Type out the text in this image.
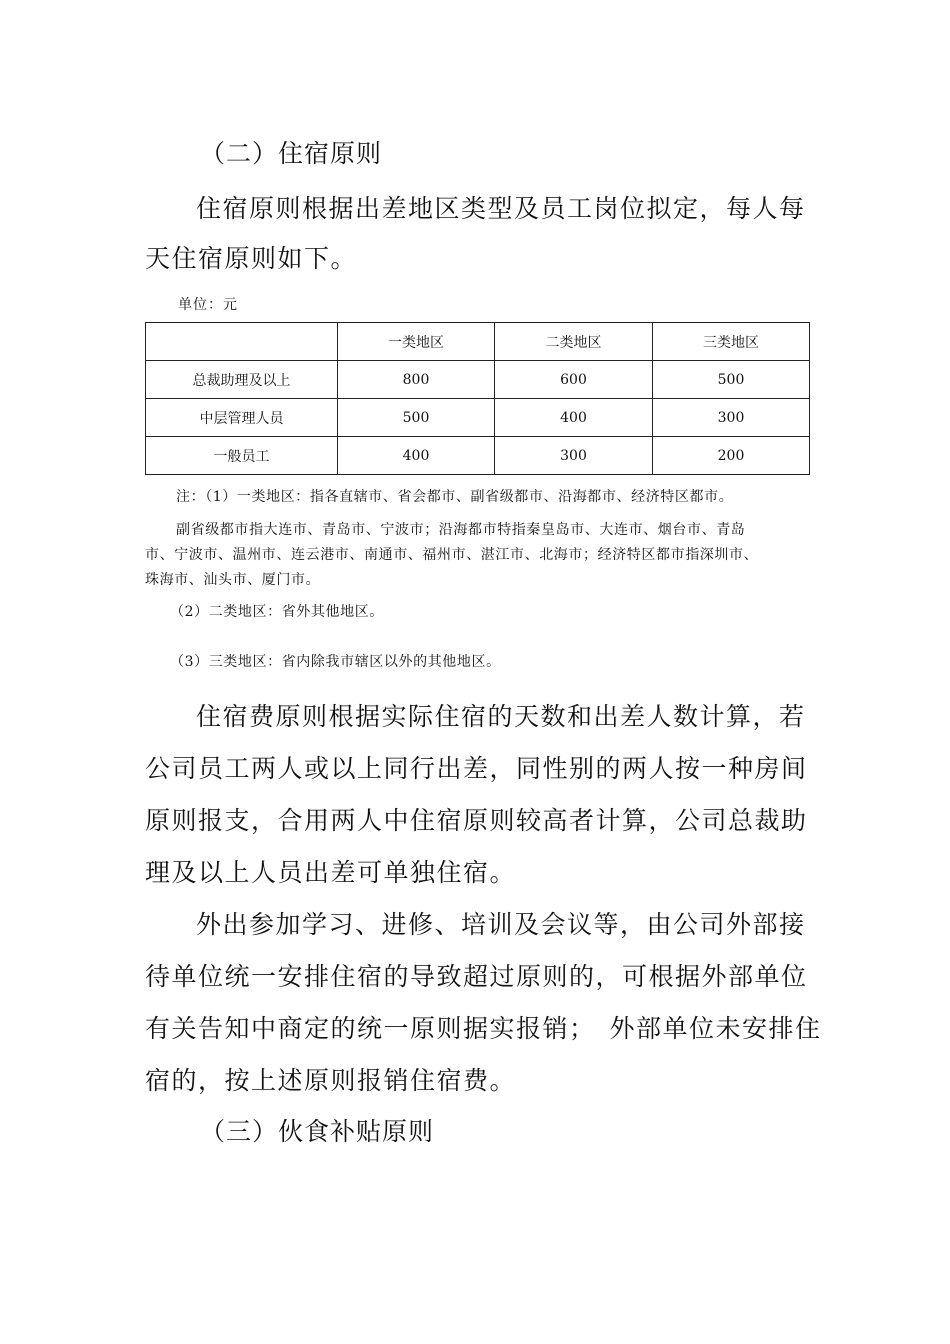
（二）住宿原则
住宿原则根据出差地区类型及员工岗位拟定，每人每
天住宿原则如下。
单位：元
	一类地区	二类地区	三类地区
总裁助理及以上	800	600	500
中层管理人员	500	400	300
一般员工	400	300	200
注：（1）一类地区：指各直辖市、省会都市、副省级都市、沿海都市、经济特区都市。
副省级都市指大连市、青岛市、宁波市；沿海都市特指秦皇岛市、大连市、烟台市、青岛
市、宁波市、温州市、连云港市、南通市、福州市、湛江市、北海市；经济特区都市指深圳市、
珠海市、汕头市、厦门市。
（2）二类地区：省外其他地区。
（3）三类地区：省内除我市辖区以外的其他地区。
住宿费原则根据实际住宿的天数和出差人数计算，若
公司员工两人或以上同行出差，同性别的两人按一种房间
原则报支，合用两人中住宿原则较高者计算，公司总裁助
理及以上人员出差可单独住宿。
外出参加学习、进修、培训及会议等，由公司外部接
待单位统一安排住宿的导致超过原则的，可根据外部单位
有关告知中商定的统一原则据实报销；　外部单位未安排住
宿的，按上述原则报销住宿费。
（三）伙食补贴原则
